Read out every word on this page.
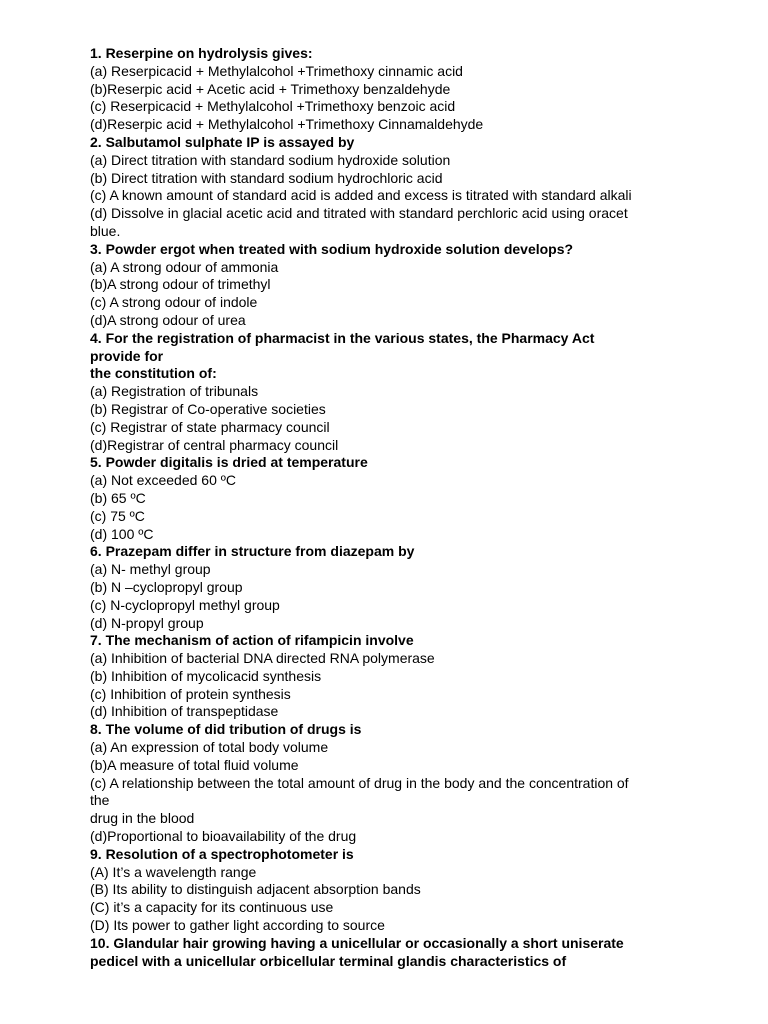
1. Reserpine on hydrolysis gives:
(a) Reserpicacid + Methylalcohol +Trimethoxy cinnamic acid
(b)Reserpic acid + Acetic acid + Trimethoxy benzaldehyde
(c) Reserpicacid + Methylalcohol +Trimethoxy benzoic acid
(d)Reserpic acid + Methylalcohol +Trimethoxy Cinnamaldehyde
2. Salbutamol sulphate IP is assayed by
(a) Direct titration with standard sodium hydroxide solution
(b) Direct titration with standard sodium hydrochloric acid
(c) A known amount of standard acid is added and excess is titrated with standard alkali
(d) Dissolve in glacial acetic acid and titrated with standard perchloric acid using oracet
blue.
3. Powder ergot when treated with sodium hydroxide solution develops?
(a) A strong odour of ammonia
(b)A strong odour of trimethyl
(c) A strong odour of indole
(d)A strong odour of urea
4. For the registration of pharmacist in the various states, the Pharmacy Act
provide for
the constitution of:
(a) Registration of tribunals
(b) Registrar of Co-operative societies
(c) Registrar of state pharmacy council
(d)Registrar of central pharmacy council
5. Powder digitalis is dried at temperature
(a) Not exceeded 60 ºC
(b) 65 ºC
(c) 75 ºC
(d) 100 ºC
6. Prazepam differ in structure from diazepam by
(a) N- methyl group
(b) N –cyclopropyl group
(c) N-cyclopropyl methyl group
(d) N-propyl group
7. The mechanism of action of rifampicin involve
(a) Inhibition of bacterial DNA directed RNA polymerase
(b) Inhibition of mycolicacid synthesis
(c) Inhibition of protein synthesis
(d) Inhibition of transpeptidase
8. The volume of did tribution of drugs is
(a) An expression of total body volume
(b)A measure of total fluid volume
(c) A relationship between the total amount of drug in the body and the concentration of
the
drug in the blood
(d)Proportional to bioavailability of the drug
9. Resolution of a spectrophotometer is
(A) It’s a wavelength range
(B) Its ability to distinguish adjacent absorption bands
(C) it’s a capacity for its continuous use
(D) Its power to gather light according to source
10. Glandular hair growing having a unicellular or occasionally a short uniserate
pedicel with a unicellular orbicellular terminal glandis characteristics of
